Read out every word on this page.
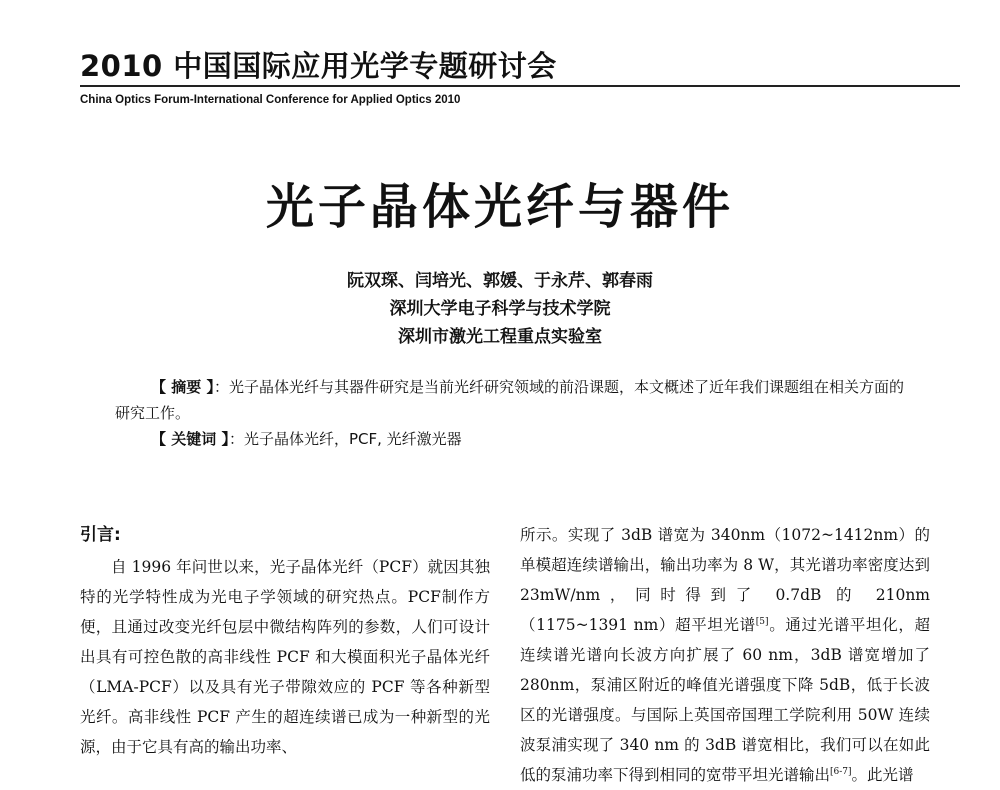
2010 中国国际应用光学专题研讨会
China Optics Forum-International Conference for Applied Optics 2010
光子晶体光纤与器件
阮双琛、闫培光、郭媛、于永芹、郭春雨
深圳大学电子科学与技术学院
深圳市激光工程重点实验室

【 摘要 】：光子晶体光纤与其器件研究是当前光纤研究领域的前沿课题，本文概述了近年我们课题组在相关方面的研究工作。

【 关键词 】：光子晶体光纤，PCF, 光纤激光器

引言:

自 1996 年问世以来，光子晶体光纤（PCF）就因其独特的光学特性成为光电子学领域的研究热点。PCF制作方便，且通过改变光纤包层中微结构阵列的参数，人们可设计出具有可控色散的高非线性 PCF 和大模面积光子晶体光纤（LMA-PCF）以及具有光子带隙效应的 PCF 等各种新型光纤。高非线性 PCF 产生的超连续谱已成为一种新型的光源，由于它具有高的输出功率、

所示。实现了 3dB 谱宽为 340nm（1072~1412nm）的单模超连续谱输出，输出功率为 8 W，其光谱功率密度达到 23mW/nm，同时得到了 0.7dB 的 210nm（1175~1391 nm）超平坦光谱[5]。通过光谱平坦化，超连续谱光谱向长波方向扩展了 60 nm，3dB 谱宽增加了 280nm，泵浦区附近的峰值光谱强度下降 5dB，低于长波区的光谱强度。与国际上英国帝国理工学院利用 50W 连续波泵浦实现了 340 nm 的 3dB 谱宽相比，我们可以在如此低的泵浦功率下得到相同的宽带平坦光谱输出[6-7]。此光谱
